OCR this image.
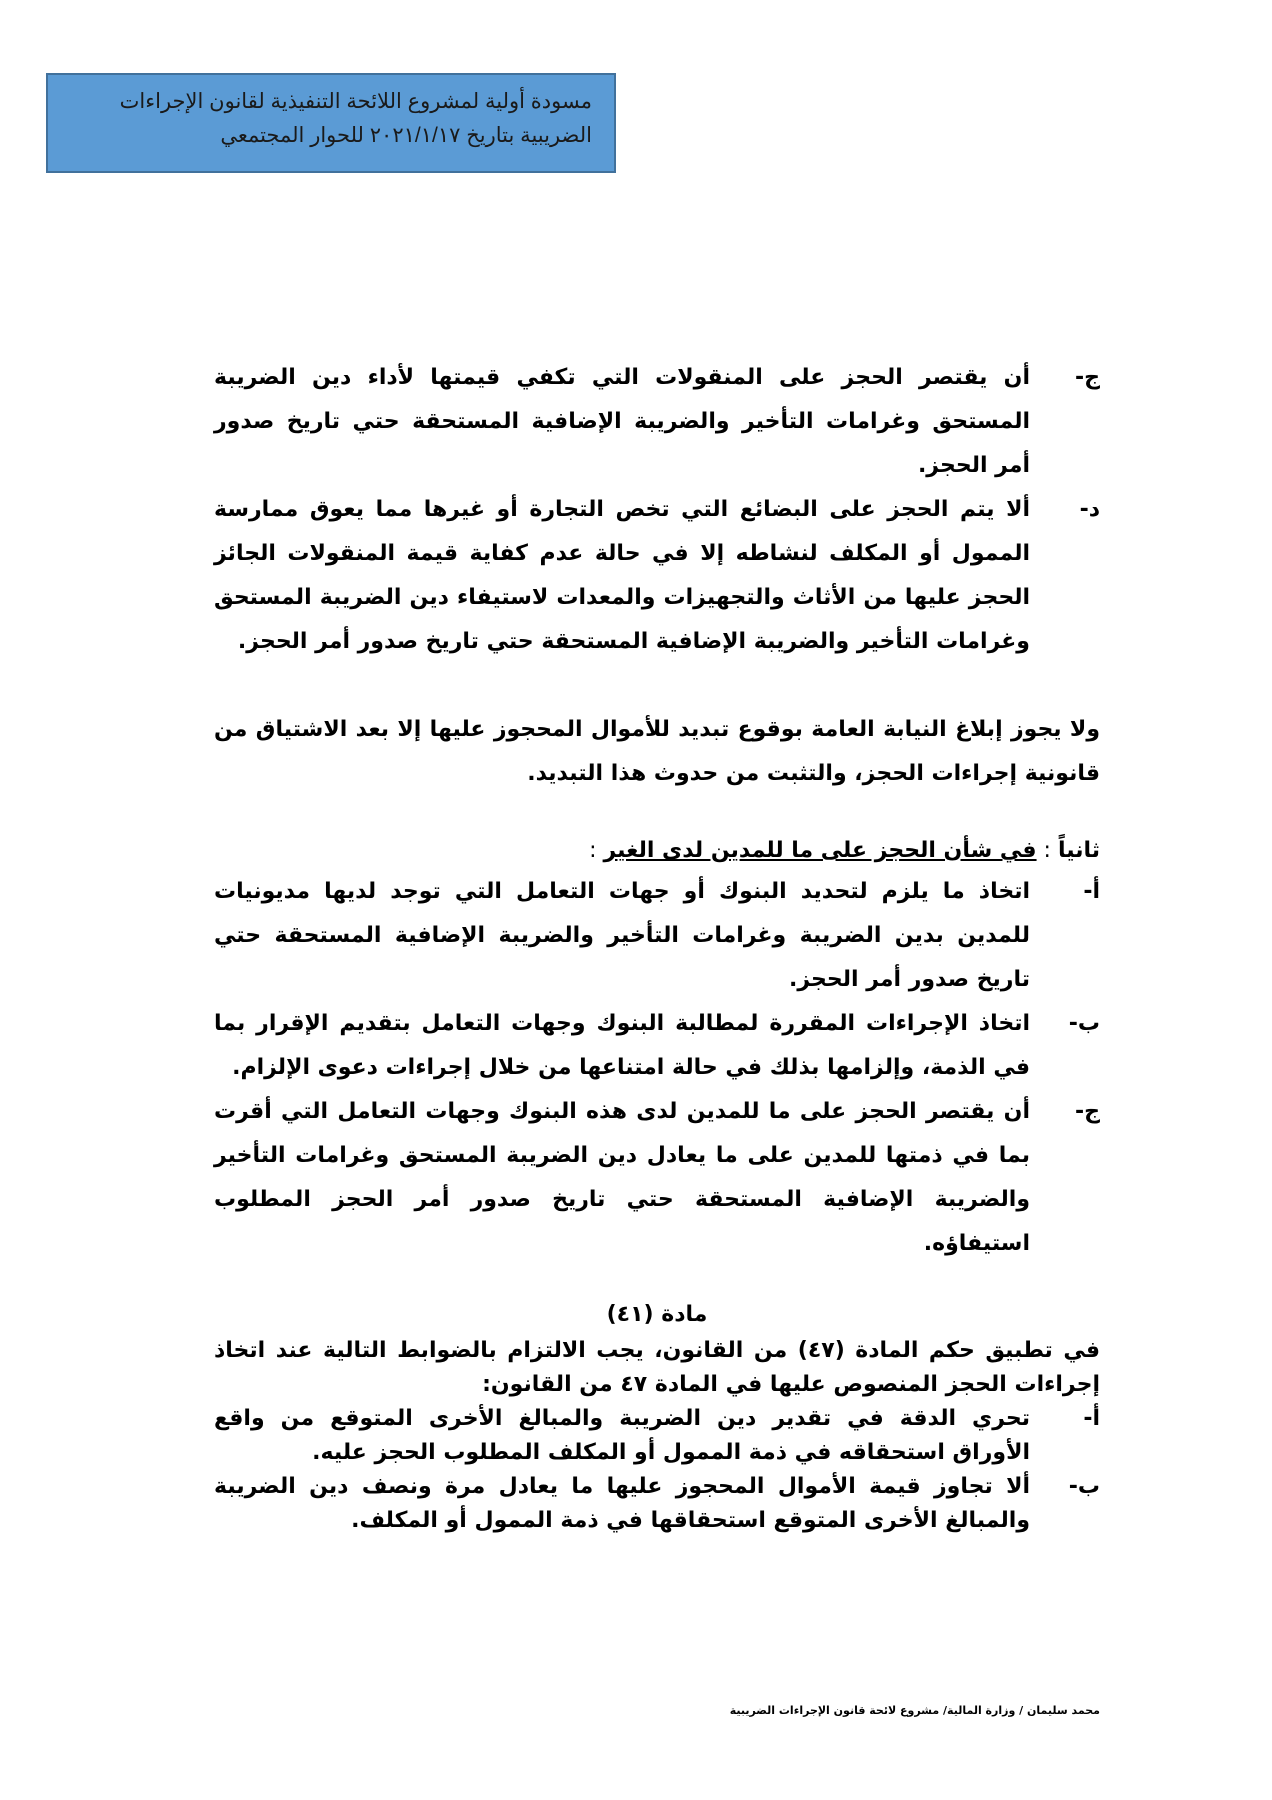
مسودة أولية لمشروع اللائحة التنفيذية لقانون الإجراءات
الضريبية بتاريخ ٢٠٢١/١/١٧ للحوار المجتمعي
ج-
أن يقتصر الحجز على المنقولات التي تكفي قيمتها لأداء دين الضريبة المستحق وغرامات التأخير والضريبة الإضافية المستحقة حتي تاريخ صدور أمر الحجز.
د-
ألا يتم الحجز على البضائع التي تخص التجارة أو غيرها مما يعوق ممارسة الممول أو المكلف لنشاطه إلا في حالة عدم كفاية قيمة المنقولات الجائز الحجز عليها من الأثاث والتجهيزات والمعدات لاستيفاء دين الضريبة المستحق وغرامات التأخير والضريبة الإضافية المستحقة حتي تاريخ صدور أمر الحجز.
ولا يجوز إبلاغ النيابة العامة بوقوع تبديد للأموال المحجوز عليها إلا بعد الاشتياق من قانونية إجراءات الحجز، والتثبت من حدوث هذا التبديد.
ثانياً : في شأن الحجز على ما للمدين لدى الغير :
أ-
اتخاذ ما يلزم لتحديد البنوك أو جهات التعامل التي توجد لديها مديونيات للمدين بدين الضريبة وغرامات التأخير والضريبة الإضافية المستحقة حتي تاريخ صدور أمر الحجز.
ب-
اتخاذ الإجراءات المقررة لمطالبة البنوك وجهات التعامل بتقديم الإقرار بما في الذمة، وإلزامها بذلك في حالة امتناعها من خلال إجراءات دعوى الإلزام.
ج-
أن يقتصر الحجز على ما للمدين لدى هذه البنوك وجهات التعامل التي أقرت بما في ذمتها للمدين على ما يعادل دين الضريبة المستحق وغرامات التأخير والضريبة الإضافية المستحقة حتي تاريخ صدور أمر الحجز المطلوب استيفاؤه.
مادة (٤١)
في تطبيق حكم المادة (٤٧) من القانون، يجب الالتزام بالضوابط التالية عند اتخاذ إجراءات الحجز المنصوص عليها في المادة ٤٧ من القانون:
أ-
تحري الدقة في تقدير دين الضريبة والمبالغ الأخرى المتوقع من واقع الأوراق استحقاقه في ذمة الممول أو المكلف المطلوب الحجز عليه.
ب-
ألا تجاوز قيمة الأموال المحجوز عليها ما يعادل مرة ونصف دين الضريبة والمبالغ الأخرى المتوقع استحقاقها في ذمة الممول أو المكلف.
محمد سليمان / وزارة المالية/ مشروع لائحة قانون الإجراءات الضريبية
